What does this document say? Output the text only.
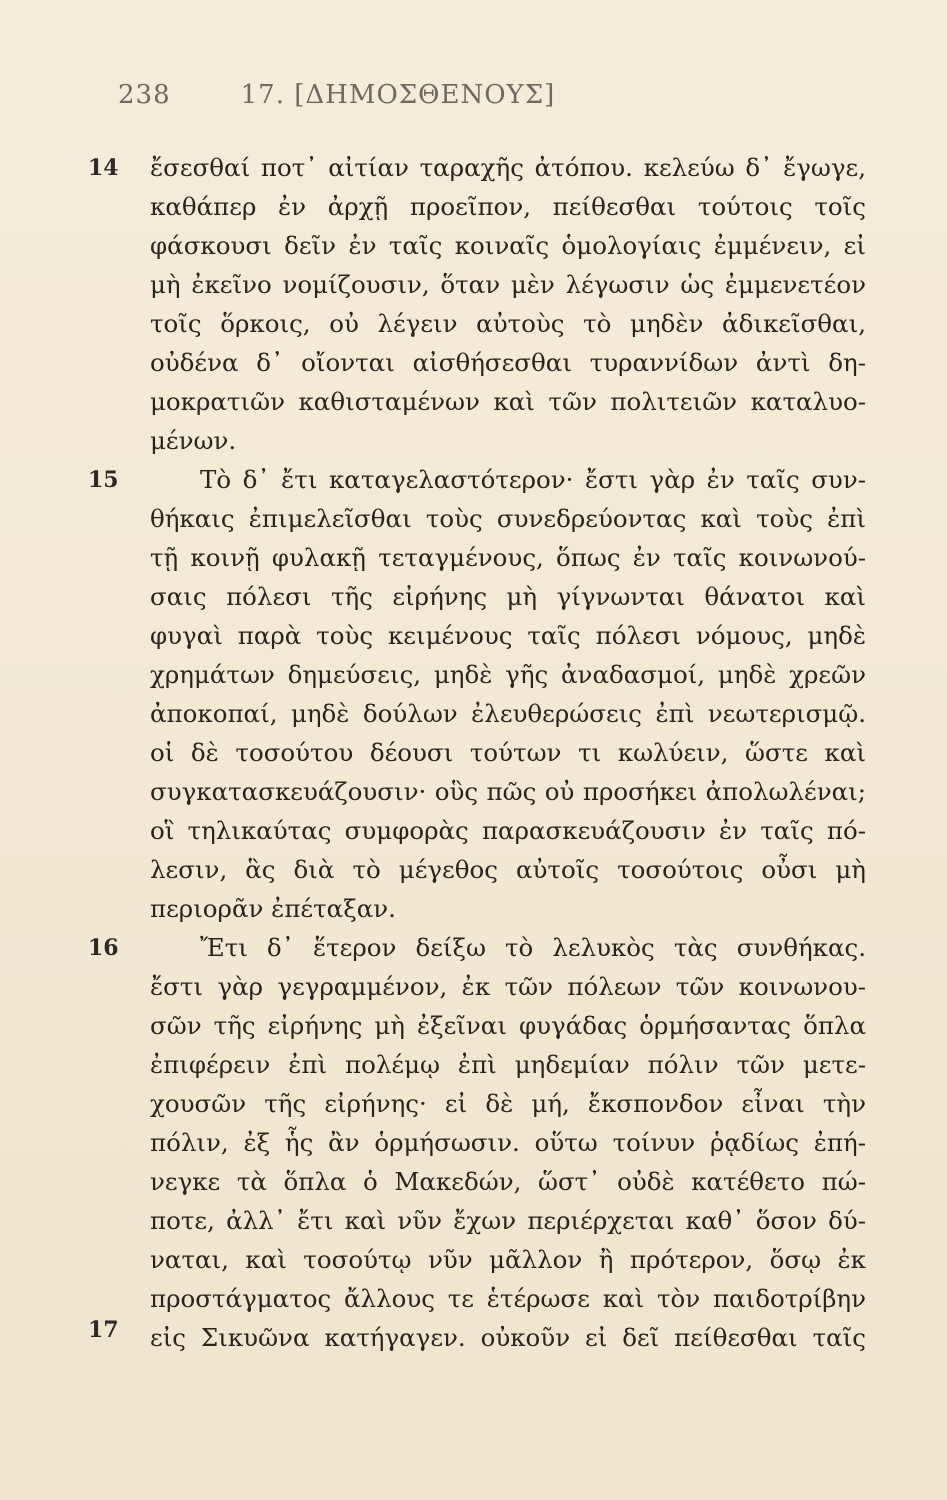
238	17. [ΔΗΜΟΣΘΕΝΟΥΣ]
14
15
16
17
ἔσεσθαί ποτ᾽ αἰτίαν ταραχῆς ἀτόπου. κελεύω δ᾽ ἔγωγε,
καθάπερ ἐν ἀρχῇ προεῖπον, πείθεσθαι τούτοις τοῖς
φάσκουσι δεῖν ἐν ταῖς κοιναῖς ὁμολογίαις ἐμμένειν, εἰ
μὴ ἐκεῖνο νομίζουσιν, ὅταν μὲν λέγωσιν ὡς ἐμμενετέον
τοῖς ὅρκοις, οὐ λέγειν αὐτοὺς τὸ μηδὲν ἀδικεῖσθαι,
οὐδένα δ᾽ οἴονται αἰσθήσεσθαι τυραννίδων ἀντὶ δη-
μοκρατιῶν καθισταμένων καὶ τῶν πολιτειῶν καταλυο-
μένων.
Τὸ δ᾽ ἔτι καταγελαστότερον· ἔστι γὰρ ἐν ταῖς συν-
θήκαις ἐπιμελεῖσθαι τοὺς συνεδρεύοντας καὶ τοὺς ἐπὶ
τῇ κοινῇ φυλακῇ τεταγμένους, ὅπως ἐν ταῖς κοινωνού-
σαις πόλεσι τῆς εἰρήνης μὴ γίγνωνται θάνατοι καὶ
φυγαὶ παρὰ τοὺς κειμένους ταῖς πόλεσι νόμους, μηδὲ
χρημάτων δημεύσεις, μηδὲ γῆς ἀναδασμοί, μηδὲ χρεῶν
ἀποκοπαί, μηδὲ δούλων ἐλευθερώσεις ἐπὶ νεωτερισμῷ.
οἱ δὲ τοσούτου δέουσι τούτων τι κωλύειν, ὥστε καὶ
συγκατασκευάζουσιν· οὓς πῶς οὐ προσήκει ἀπολωλέναι;
οἳ τηλικαύτας συμφορὰς παρασκευάζουσιν ἐν ταῖς πό-
λεσιν, ἃς διὰ τὸ μέγεθος αὐτοῖς τοσούτοις οὖσι μὴ
περιορᾶν ἐπέταξαν.
Ἔτι δ᾽ ἕτερον δείξω τὸ λελυκὸς τὰς συνθήκας.
ἔστι γὰρ γεγραμμένον, ἐκ τῶν πόλεων τῶν κοινωνου-
σῶν τῆς εἰρήνης μὴ ἐξεῖναι φυγάδας ὁρμήσαντας ὅπλα
ἐπιφέρειν ἐπὶ πολέμῳ ἐπὶ μηδεμίαν πόλιν τῶν μετε-
χουσῶν τῆς εἰρήνης· εἰ δὲ μή, ἔκσπονδον εἶναι τὴν
πόλιν, ἐξ ἧς ἂν ὁρμήσωσιν. οὕτω τοίνυν ῥᾳδίως ἐπή-
νεγκε τὰ ὅπλα ὁ Μακεδών, ὥστ᾽ οὐδὲ κατέθετο πώ-
ποτε, ἀλλ᾽ ἔτι καὶ νῦν ἔχων περιέρχεται καθ᾽ ὅσον δύ-
ναται, καὶ τοσούτῳ νῦν μᾶλλον ἢ πρότερον, ὅσῳ ἐκ
προστάγματος ἄλλους τε ἑτέρωσε καὶ τὸν παιδοτρίβην
εἰς Σικυῶνα κατήγαγεν. οὐκοῦν εἰ δεῖ πείθεσθαι ταῖς
